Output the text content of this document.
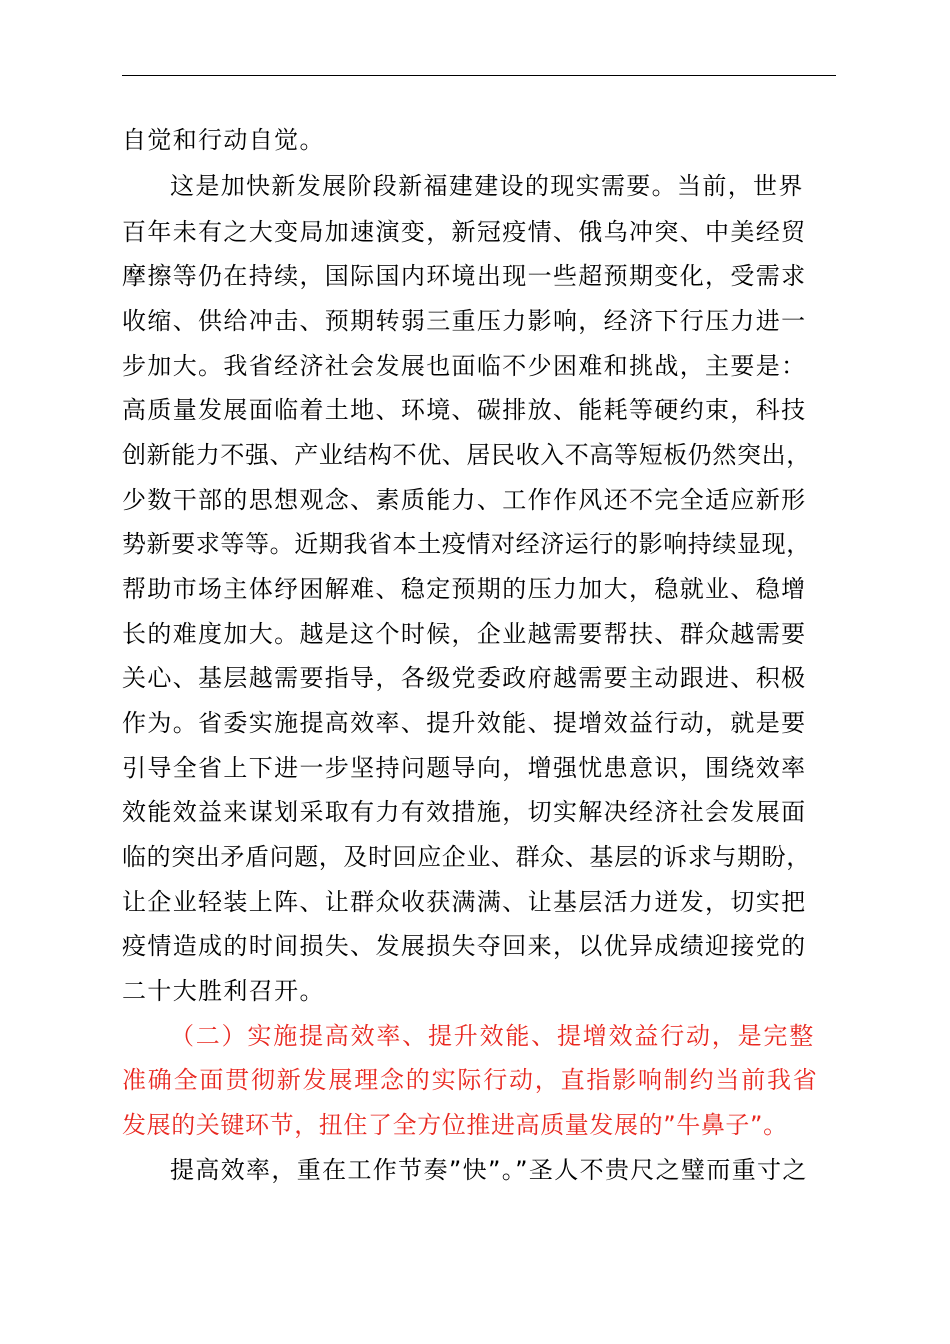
自觉和行动自觉。
这是加快新发展阶段新福建建设的现实需要。当前，世界
百年未有之大变局加速演变，新冠疫情、俄乌冲突、中美经贸
摩擦等仍在持续，国际国内环境出现一些超预期变化，受需求
收缩、供给冲击、预期转弱三重压力影响，经济下行压力进一
步加大。我省经济社会发展也面临不少困难和挑战，主要是：
高质量发展面临着土地、环境、碳排放、能耗等硬约束，科技
创新能力不强、产业结构不优、居民收入不高等短板仍然突出，
少数干部的思想观念、素质能力、工作作风还不完全适应新形
势新要求等等。近期我省本土疫情对经济运行的影响持续显现，
帮助市场主体纾困解难、稳定预期的压力加大，稳就业、稳增
长的难度加大。越是这个时候，企业越需要帮扶、群众越需要
关心、基层越需要指导，各级党委政府越需要主动跟进、积极
作为。省委实施提高效率、提升效能、提增效益行动，就是要
引导全省上下进一步坚持问题导向，增强忧患意识，围绕效率
效能效益来谋划采取有力有效措施，切实解决经济社会发展面
临的突出矛盾问题，及时回应企业、群众、基层的诉求与期盼，
让企业轻装上阵、让群众收获满满、让基层活力迸发，切实把
疫情造成的时间损失、发展损失夺回来，以优异成绩迎接党的
二十大胜利召开。
（二）实施提高效率、提升效能、提增效益行动，是完整
准确全面贯彻新发展理念的实际行动，直指影响制约当前我省
发展的关键环节，扭住了全方位推进高质量发展的”牛鼻子”。
提高效率，重在工作节奏”快”。”圣人不贵尺之璧而重寸之
